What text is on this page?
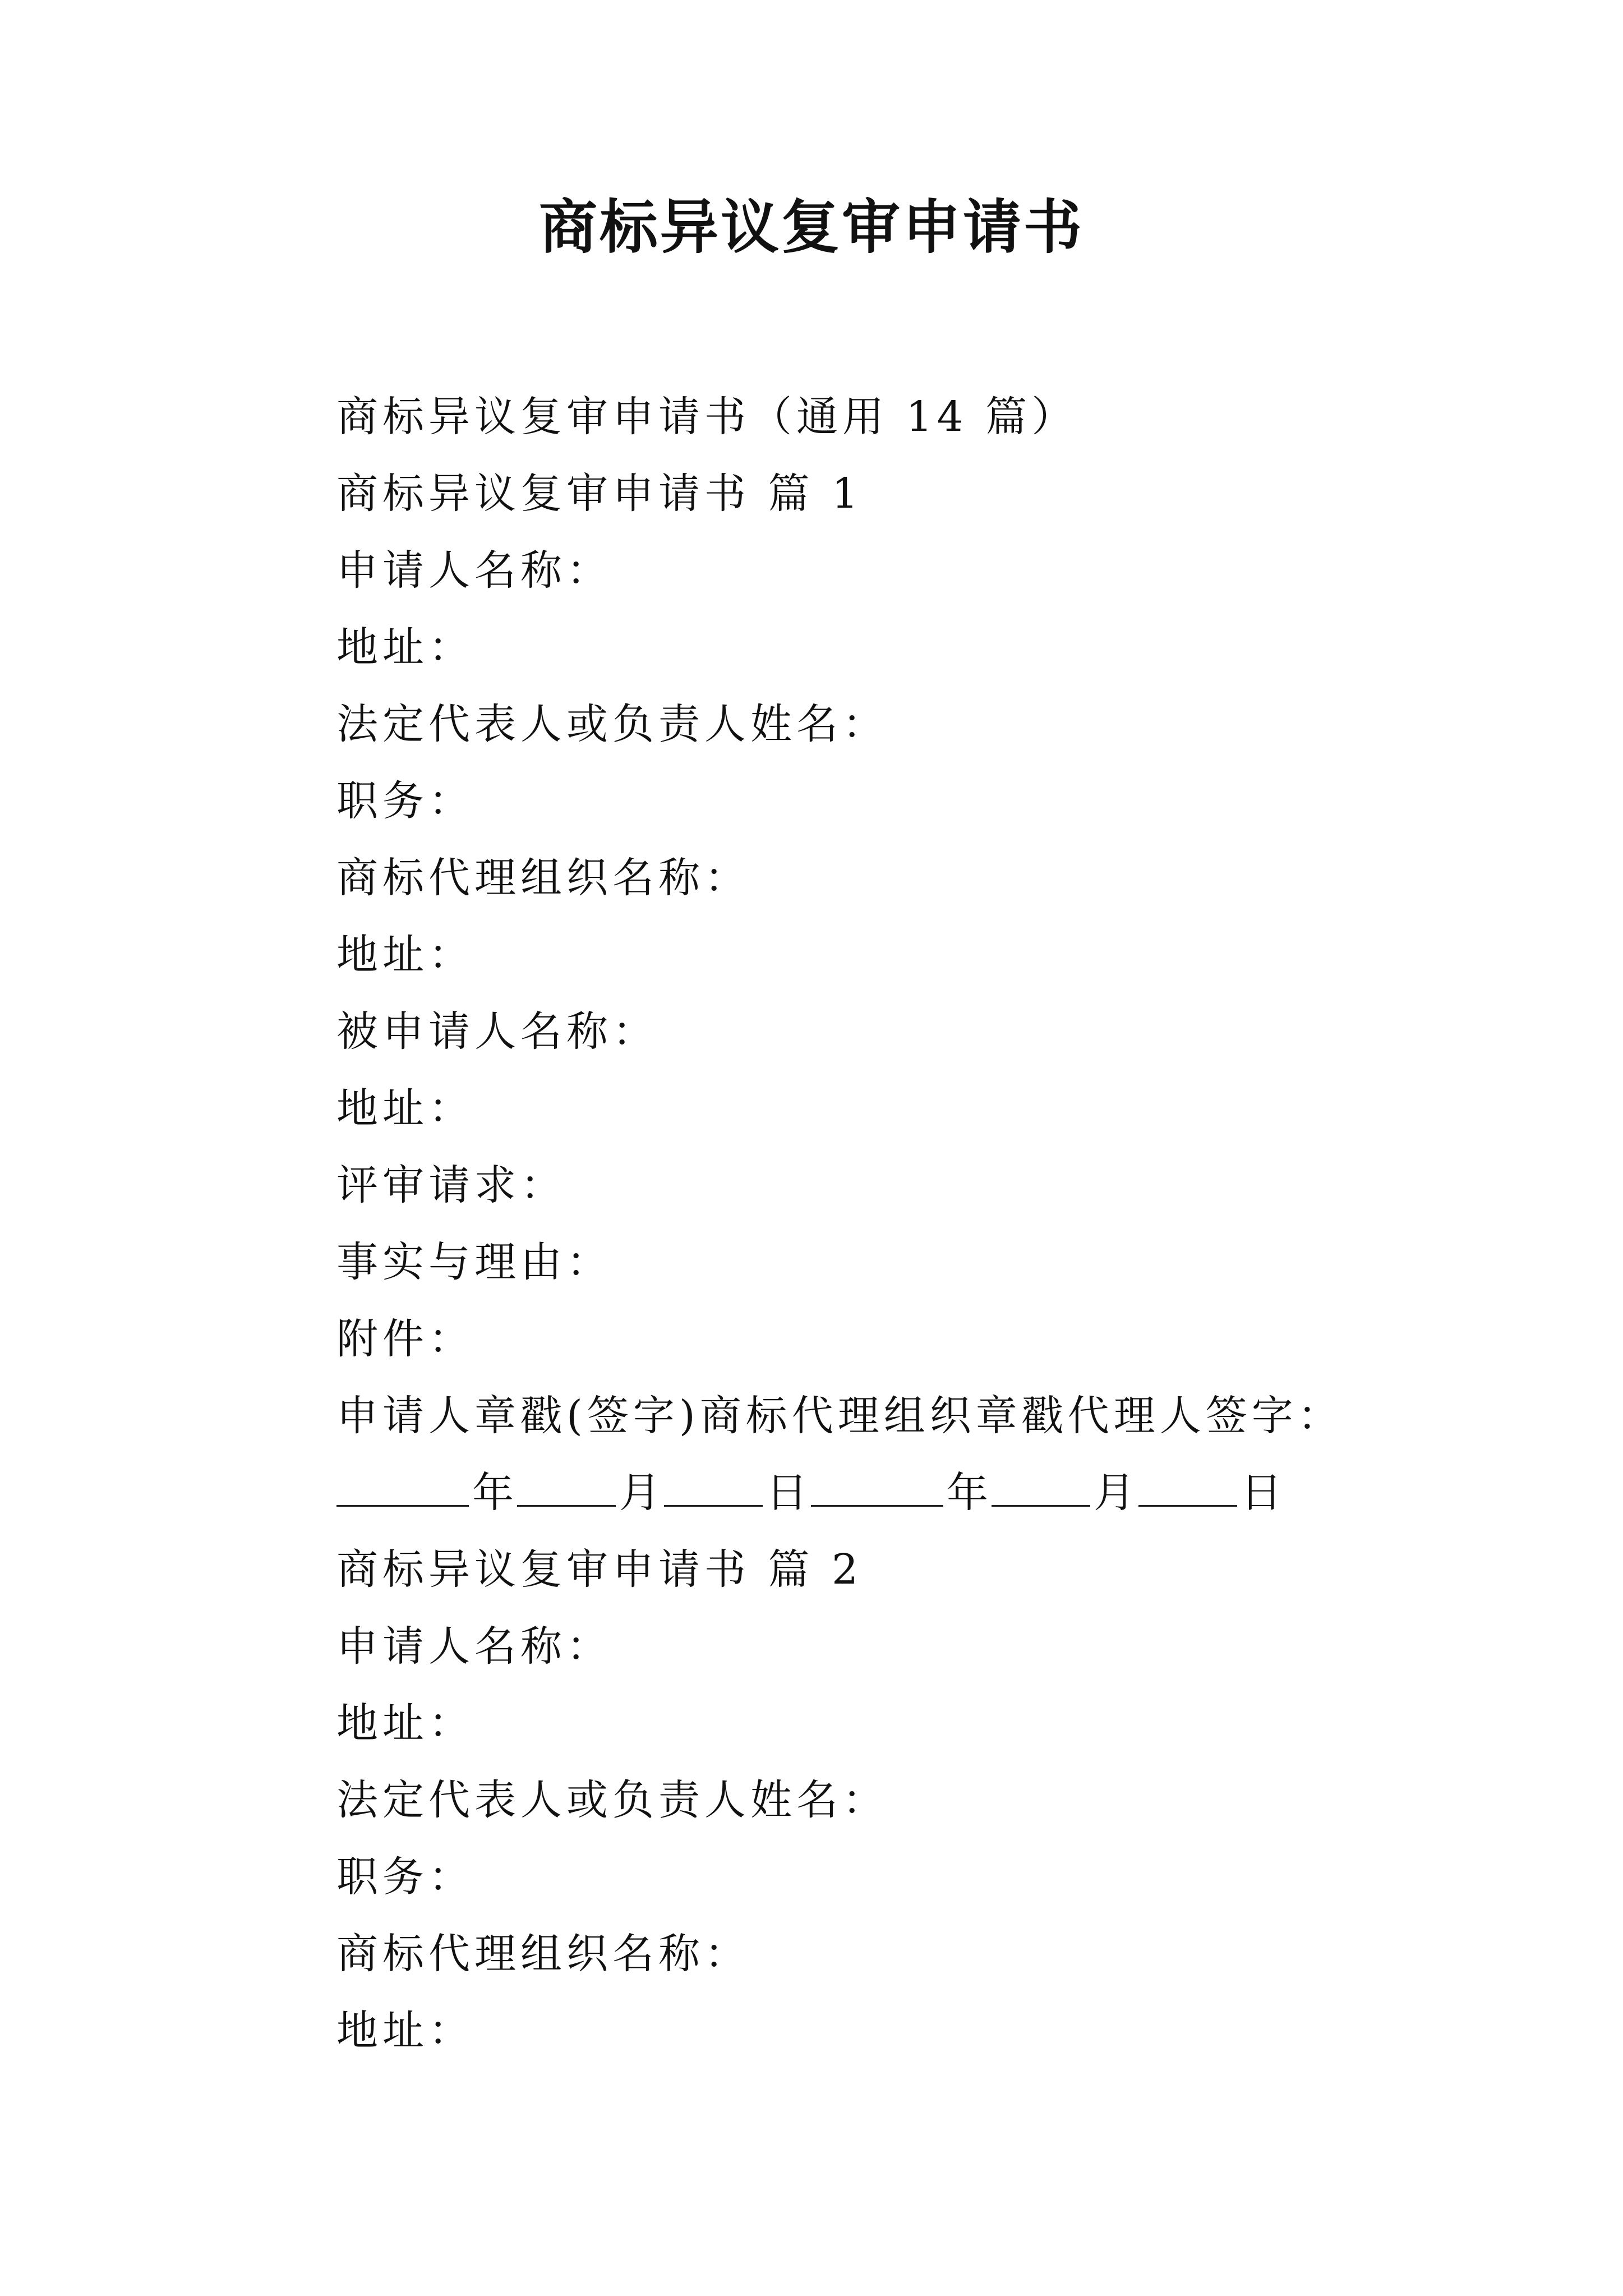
商标异议复审申请书
商标异议复审申请书（通用 14 篇）
商标异议复审申请书 篇 1
申请人名称：
地址：
法定代表人或负责人姓名：
职务：
商标代理组织名称：
地址：
被申请人名称：
地址：
评审请求：
事实与理由：
附件：
申请人章戳(签字)商标代理组织章戳代理人签字：
年	月	日	年	月	日
商标异议复审申请书 篇 2
申请人名称：
地址：
法定代表人或负责人姓名：
职务：
商标代理组织名称：
地址：
